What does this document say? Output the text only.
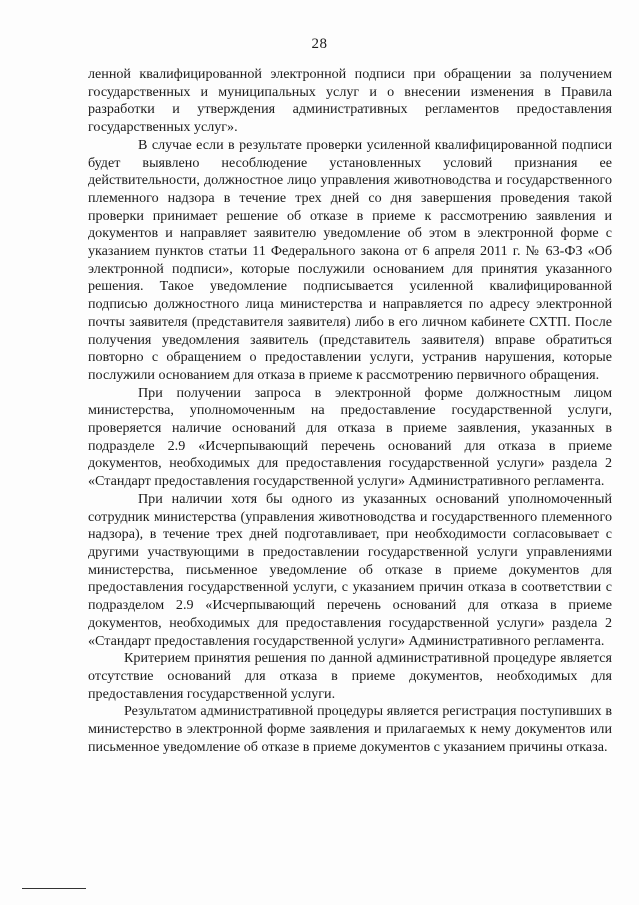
28

ленной квалифицированной электронной подписи при обращении за получением государственных и муниципальных услуг и о внесении изменения в Правила разработки и утверждения административных регламентов предоставления государственных услуг».

В случае если в результате проверки усиленной квалифицированной подписи будет выявлено несоблюдение установленных условий признания ее действительности, должностное лицо управления животноводства и государственного племенного надзора в течение трех дней со дня завершения проведения такой проверки принимает решение об отказе в приеме к рассмотрению заявления и документов и направляет заявителю уведомление об этом в электронной форме с указанием пунктов статьи 11 Федерального закона от 6 апреля 2011 г. № 63-ФЗ «Об электронной подписи», которые послужили основанием для принятия указанного решения. Такое уведомление подписывается усиленной квалифицированной подписью должностного лица министерства и направляется по адресу электронной почты заявителя (представителя заявителя) либо в его личном кабинете СХТП. После получения уведомления заявитель (представитель заявителя) вправе обратиться повторно с обращением о предоставлении услуги, устранив нарушения, которые послужили основанием для отказа в приеме к рассмотрению первичного обращения.

При получении запроса в электронной форме должностным лицом министерства, уполномоченным на предоставление государственной услуги, проверяется наличие оснований для отказа в приеме заявления, указанных в подразделе 2.9 «Исчерпывающий перечень оснований для отказа в приеме документов, необходимых для предоставления государственной услуги» раздела 2 «Стандарт предоставления государственной услуги» Административного регламента.

При наличии хотя бы одного из указанных оснований уполномоченный сотрудник министерства (управления животноводства и государственного племенного надзора), в течение трех дней подготавливает, при необходимости согласовывает с другими участвующими в предоставлении государственной услуги управлениями министерства, письменное уведомление об отказе в приеме документов для предоставления государственной услуги, с указанием причин отказа в соответствии с подразделом 2.9 «Исчерпывающий перечень оснований для отказа в приеме документов, необходимых для предоставления государственной услуги» раздела 2 «Стандарт предоставления государственной услуги» Административного регламента.

Критерием принятия решения по данной административной процедуре является отсутствие оснований для отказа в приеме документов, необходимых для предоставления государственной услуги.

Результатом административной процедуры является регистрация поступивших в министерство в электронной форме заявления и прилагаемых к нему документов или письменное уведомление об отказе в приеме документов с указанием причины отказа.
